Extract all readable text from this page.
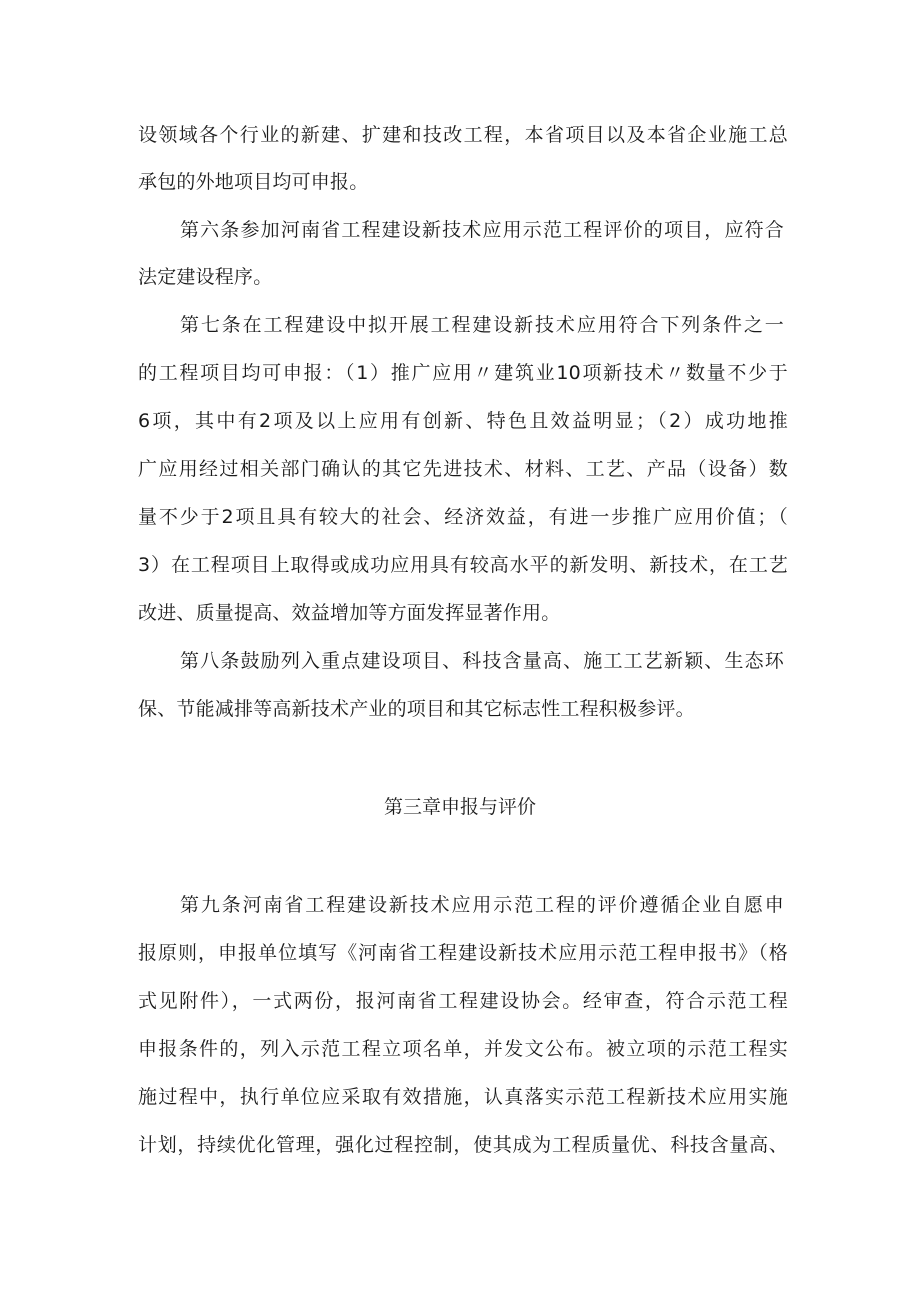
设领域各个行业的新建、扩建和技改工程，本省项目以及本省企业施工总
承包的外地项目均可申报。
第六条参加河南省工程建设新技术应用示范工程评价的项目，应符合
法定建设程序。
第七条在工程建设中拟开展工程建设新技术应用符合下列条件之一
的工程项目均可申报：（1）推广应用〃建筑业10项新技术〃数量不少于
6项，其中有2项及以上应用有创新、特色且效益明显；（2）成功地推
广应用经过相关部门确认的其它先进技术、材料、工艺、产品（设备）数
量不少于2项且具有较大的社会、经济效益，有进一步推广应用价值；（
3）在工程项目上取得或成功应用具有较高水平的新发明、新技术，在工艺
改进、质量提高、效益增加等方面发挥显著作用。
第八条鼓励列入重点建设项目、科技含量高、施工工艺新颖、生态环
保、节能减排等高新技术产业的项目和其它标志性工程积极参评。
第三章申报与评价
第九条河南省工程建设新技术应用示范工程的评价遵循企业自愿申
报原则，申报单位填写《河南省工程建设新技术应用示范工程申报书》（格
式见附件），一式两份，报河南省工程建设协会。经审查，符合示范工程
申报条件的，列入示范工程立项名单，并发文公布。被立项的示范工程实
施过程中，执行单位应采取有效措施，认真落实示范工程新技术应用实施
计划，持续优化管理，强化过程控制，使其成为工程质量优、科技含量高、
